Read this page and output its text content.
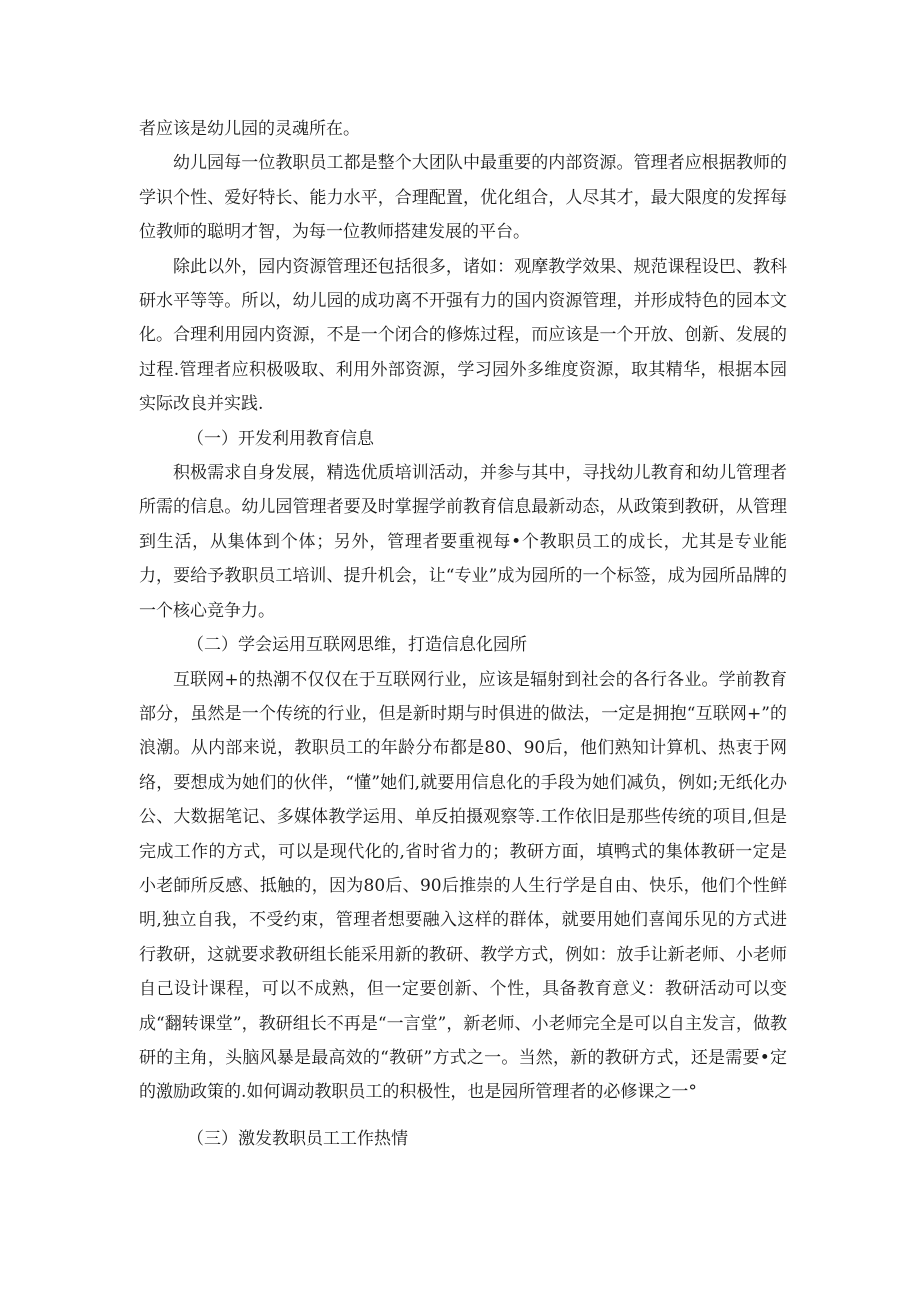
者应该是幼儿园的灵魂所在。

幼儿园每一位教职员工都是整个大团队中最重要的内部资源。管理者应根据教师的学识个性、爱好特长、能力水平，合理配置，优化组合，人尽其才，最大限度的发挥每位教师的聪明才智，为每一位教师搭建发展的平台。

除此以外，园内资源管理还包括很多，诸如：观摩教学效果、规范课程设巴、教科研水平等等。所以，幼儿园的成功离不开强有力的国内资源管理，并形成特色的园本文化。合理利用园内资源，不是一个闭合的修炼过程，而应该是一个开放、创新、发展的过程.管理者应积极吸取、利用外部资源，学习园外多维度资源，取其精华，根据本园实际改良并实践.

（一）开发利用教育信息

积极需求自身发展，精选优质培训活动，并参与其中，寻找幼儿教育和幼儿管理者所需的信息。幼儿园管理者要及时掌握学前教育信息最新动态，从政策到教研，从管理到生活，从集体到个体；另外，管理者要重视每•个教职员工的成长，尤其是专业能力，要给予教职员工培训、提升机会，让“专业”成为园所的一个标签，成为园所品牌的一个核心竞争力。

（二）学会运用互联网思维，打造信息化园所

互联网+的热潮不仅仅在于互联网行业，应该是辐射到社会的各行各业。学前教育部分，虽然是一个传统的行业，但是新时期与时俱进的做法，一定是拥抱“互联网+”的浪潮。从内部来说，教职员工的年龄分布都是80、90后，他们熟知计算机、热衷于网络，要想成为她们的伙伴，“懂”她们,就要用信息化的手段为她们减负，例如;无纸化办公、大数据笔记、多媒体教学运用、单反拍摄观察等.工作依旧是那些传统的项目,但是完成工作的方式，可以是现代化的,省时省力的；教研方面，填鸭式的集体教研一定是小老師所反感、抵触的，因为80后、90后推崇的人生行学是自由、快乐，他们个性鲜明,独立自我，不受约束，管理者想要融入这样的群体，就要用她们喜闻乐见的方式进行教研，这就要求教研组长能采用新的教研、教学方式，例如：放手让新老师、小老师自己设计课程，可以不成熟，但一定要创新、个性，具备教育意义：教研活动可以变成“翻转课堂”，教研组长不再是“一言堂”，新老师、小老师完全是可以自主发言，做教研的主角，头脑风暴是最高效的“教研”方式之一。当然，新的教研方式，还是需要•定的激励政策的.如何调动教职员工的积极性，也是园所管理者的必修课之一°

（三）激发教职员工工作热情
